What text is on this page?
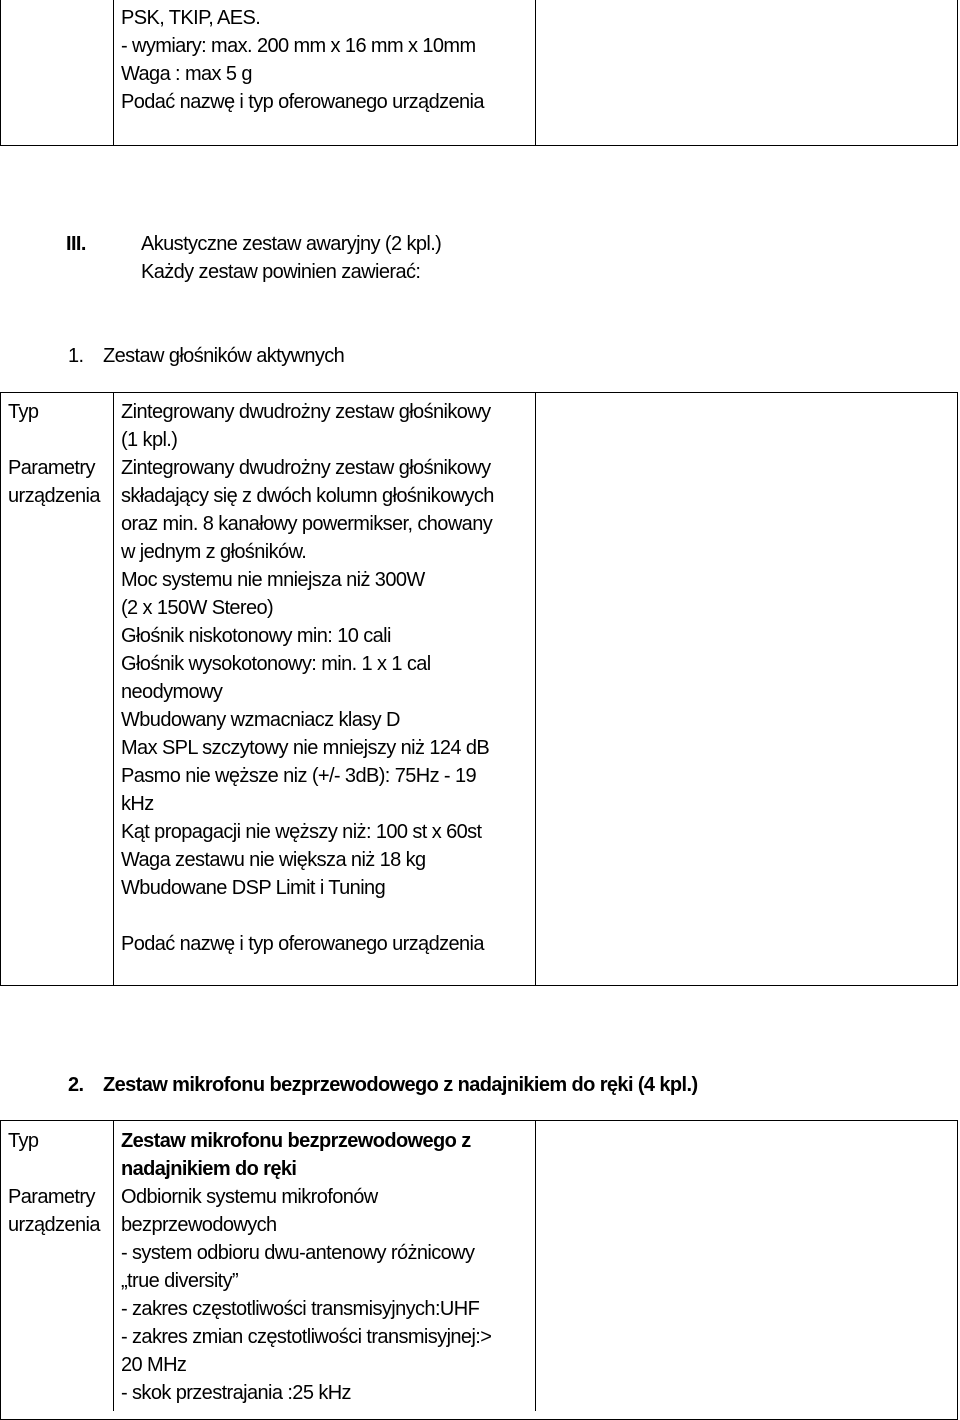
PSK, TKIP, AES.
- wymiary: max. 200 mm x 16 mm x 10mm
Waga : max 5 g
Podać nazwę i typ oferowanego urządzenia
III.	Akustyczne zestaw awaryjny (2 kpl.)
Każdy zestaw powinien zawierać:
1. Zestaw głośników aktywnych
Typ
Parametry
urządzenia
Zintegrowany dwudrożny zestaw głośnikowy
(1 kpl.)
Zintegrowany dwudrożny zestaw głośnikowy
składający się z dwóch kolumn głośnikowych
oraz min. 8 kanałowy powermikser, chowany
w jednym z głośników.
Moc systemu nie mniejsza niż 300W
(2 x 150W Stereo)
Głośnik niskotonowy min: 10 cali
Głośnik wysokotonowy: min. 1 x 1 cal
neodymowy
Wbudowany wzmacniacz klasy D
Max SPL szczytowy nie mniejszy niż 124 dB
Pasmo nie węższe niz (+/- 3dB): 75Hz - 19
kHz
Kąt propagacji nie węższy niż: 100 st x 60st
Waga zestawu nie większa niż 18 kg
Wbudowane DSP Limit i Tuning
Podać nazwę i typ oferowanego urządzenia
2. Zestaw mikrofonu bezprzewodowego z nadajnikiem do ręki (4 kpl.)
Typ
Parametry
urządzenia
Zestaw mikrofonu bezprzewodowego z
nadajnikiem do ręki
Odbiornik systemu mikrofonów
bezprzewodowych
- system odbioru dwu-antenowy różnicowy
„true diversity”
- zakres częstotliwości transmisyjnych:UHF
- zakres zmian częstotliwości transmisyjnej:>
20 MHz
- skok przestrajania :25 kHz
